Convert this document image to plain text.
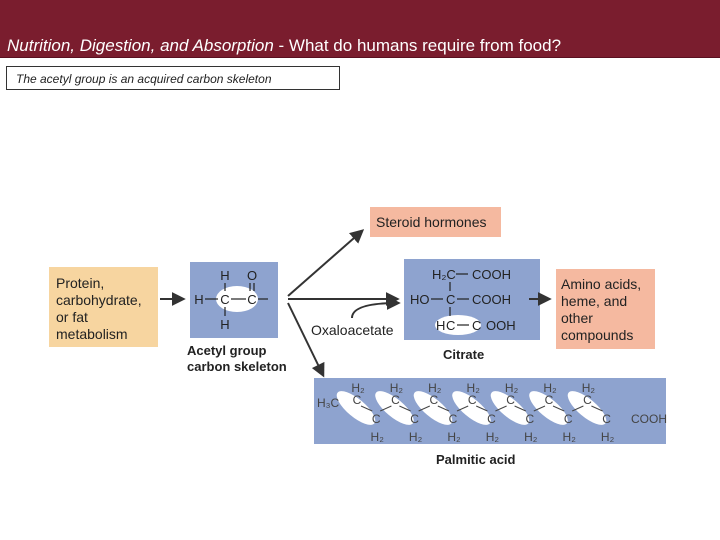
Nutrition, Digestion, and Absorption - What do humans require from food?
The acetyl group is an acquired carbon skeleton
Protein,
carbohydrate,
or fat
metabolism
H O
H C C
H
Acetyl group
carbon skeleton
Steroid hormones
Oxaloacetate
H₂C COOH
HO C COOH
H C C OOH
Citrate
Amino acids,
heme, and
other
compounds
H₃C
COOH
C
H₂
C
H₂
C
H₂
C
H₂
C
H₂
C
H₂
C
H₂
C
H₂
C
H₂
C
H₂
C
H₂
C
H₂
C
H₂
C
H₂
Palmitic acid
